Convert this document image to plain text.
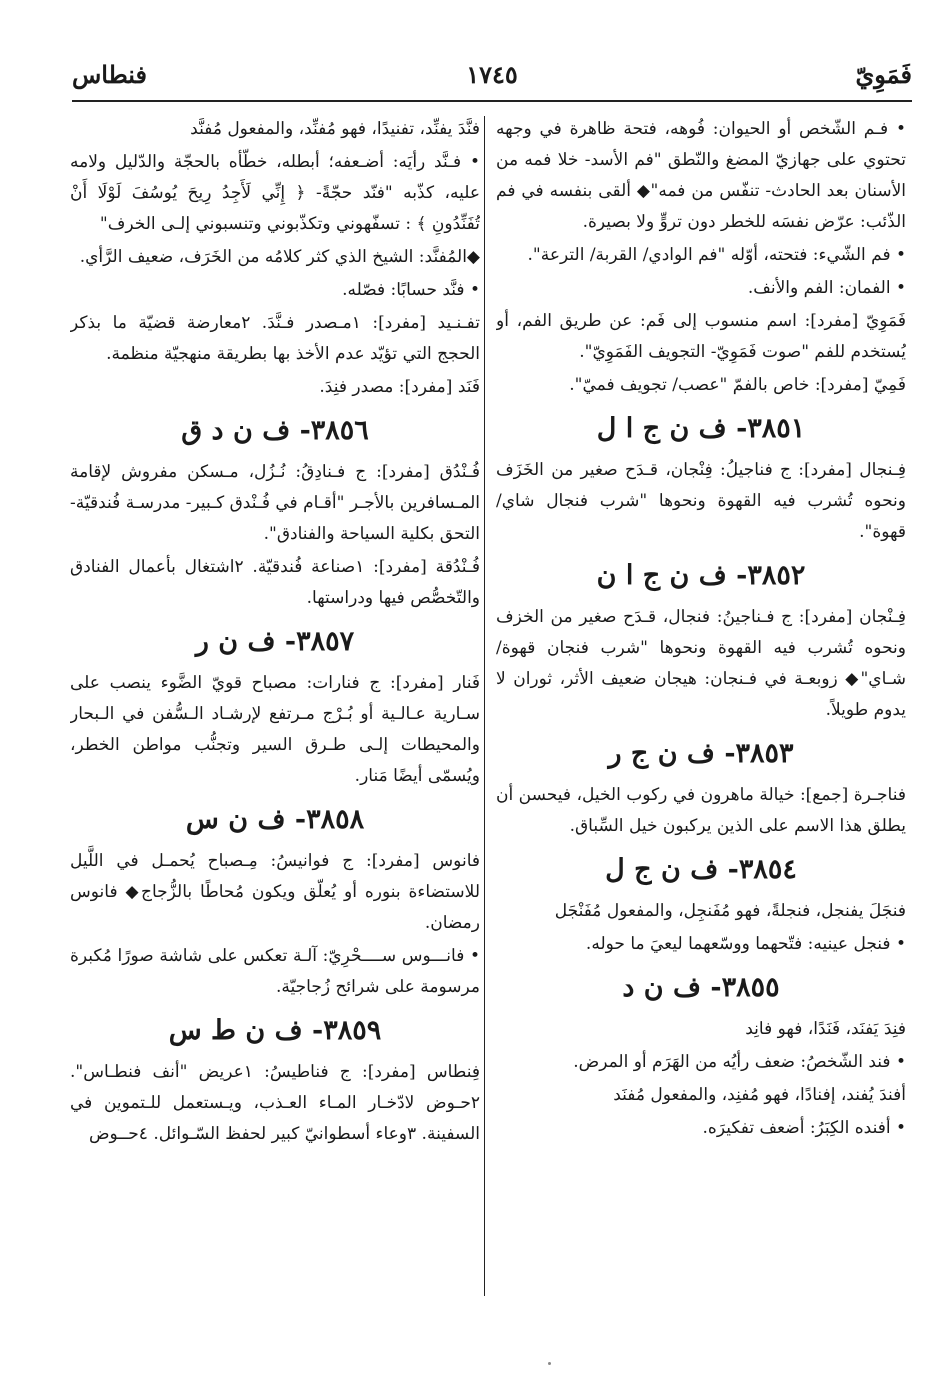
فَمَوِيّ
١٧٤٥
فنطاس
• فـم الشّخص أو الحيوان: فُوهه، فتحة ظاهرة في وجهه تحتوي على جهازيّ المضغ والنّطق "فم الأسد- خلا فمه من الأسنان بعد الحادث- تنفّس من فمه"◆ ألقى بنفسه في فم الذّئب: عرّض نفسَه للخطر دون تروٍّ ولا بصيرة.
• فم الشّيء: فتحته، أوّله "فم الوادي/ القربة/ الترعة".
• الفمان: الفم والأنف.
فَمَوِيّ [مفرد]: اسم منسوب إلى فَم: عن طريق الفم، أو يُستخدم للفم "صوت فَمَوِيّ- التجويف الفَمَوِيّ".
فَمِيّ [مفرد]: خاص بالفمّ "عصب/ تجويف فميّ".
٣٨٥١- ف ن ج ا ل
فِـنجال [مفرد]: ج فناجيلُ: فِنْجان، قـدَح صغير من الخَزَف ونحوه تُشرب فيه القهوة ونحوها "شرب فنجال شاي/ قهوة".
٣٨٥٢- ف ن ج ا ن
فِـنْجان [مفرد]: ج فـناجينُ: فنجال، قـدَح صغير من الخزف ونحوه تُشرب فيه القهوة ونحوها "شرب فنجان قهوة/ شـاي"◆ زوبعـة في فـنجان: هيجان ضعيف الأثر، ثوران لا يدوم طويلاً.
٣٨٥٣- ف ن ج ر
فناجـرة [جمع]: خيالة ماهرون في ركوب الخيل، فيحسن أن يطلق هذا الاسم على الذين يركبون خيل السِّباق.
٣٨٥٤- ف ن ج ل
فنجَلَ يفنجل، فنجلةً، فهو مُفَنجِل، والمفعول مُفَنْجَل
• فنجل عينيه: فتّحهما ووسّعهما ليعيَ ما حوله.
٣٨٥٥- ف ن د
فنِدَ يَفنَد، فَنَدًا، فهو فانِد
• فند الشّخصُ: ضعف رأيُه من الهَرَم أو المرض.
أفندَ يُفند، إفنادًا، فهو مُفنِد، والمفعول مُفنَد
• أفنده الكِبَرُ: أضعف تفكيرَه.
فنَّدَ يفنِّد، تفنيدًا، فهو مُفنِّد، والمفعول مُفنَّد
• فـنَّد رأيَه: أضـعفه؛ أبطله، خطّأه بالحجّة والدّليل ولامه عليه، كذّبه "فنّد حجّةً- ﴿ إِنِّي لَأَجِدُ رِيحَ يُوسُفَ لَوْلَا أَنْ تُفَنِّدُونِ ﴾ : تسفّهوني وتكذّبوني وتنسبوني إلـى الخرف"
◆المُفنَّد: الشيخ الذي كثر كلامُه من الخَرَف، ضعيف الرَّأي.
• فنَّد حسابًا: فصّله.
تفـنـيد [مفرد]: ١مـصدر فـنَّدَ. ٢معارضة قضيّة ما بذكر الحجج التي تؤيّد عدم الأخذ بها بطريقة منهجيّة منظمة.
فَنَد [مفرد]: مصدر فنِدَ.
٣٨٥٦- ف ن د ق
فُـنْدُق [مفرد]: ج فـنادِقُ: نُـزُل، مـسكن مفروش لإقامة المـسافرين بالأجـر "أقـام في فُـنْدق كـبير- مدرسـة فُندقيّة- التحق بكلية السياحة والفنادق".
فُـنْدُقة [مفرد]: ١صناعة فُندقيّة. ٢اشتغال بأعمال الفنادق والتّخصُّص فيها ودراستها.
٣٨٥٧- ف ن ر
فَنار [مفرد]: ج فنارات: مصباح قويّ الضَّوء ينصب على سـارية عـالـية أو بُـرْج مـرتفع لإرشـاد الـسُّفن في الـبحار والمحيطات إلـى طـرق السير وتجنُّب مواطن الخطر، ويُسمّى أيضًا مَنار.
٣٨٥٨- ف ن س
فانوس [مفرد]: ج فوانيسُ: مِـصباح يُحمـل في اللَّيل للاستضاءة بنوره أو يُعلّق ويكون مُحاطًا بالزُّجاج◆ فانوس رمضان.
• فانـــوس ســــحْرِيّ: آلـة تعكس على شاشة صورًا مُكبرة مرسومة على شرائح زُجاجيّة.
٣٨٥٩- ف ن ط س
فِنطاس [مفرد]: ج فناطيسُ: ١عريض "أنف فنطـاس". ٢حـوض لادّخـار المـاء العـذب، ويـستعمل للـتموين في السفينة. ٣وعاء أسطوانيّ كبير لحفظ السّـوائل. ٤حــوض
